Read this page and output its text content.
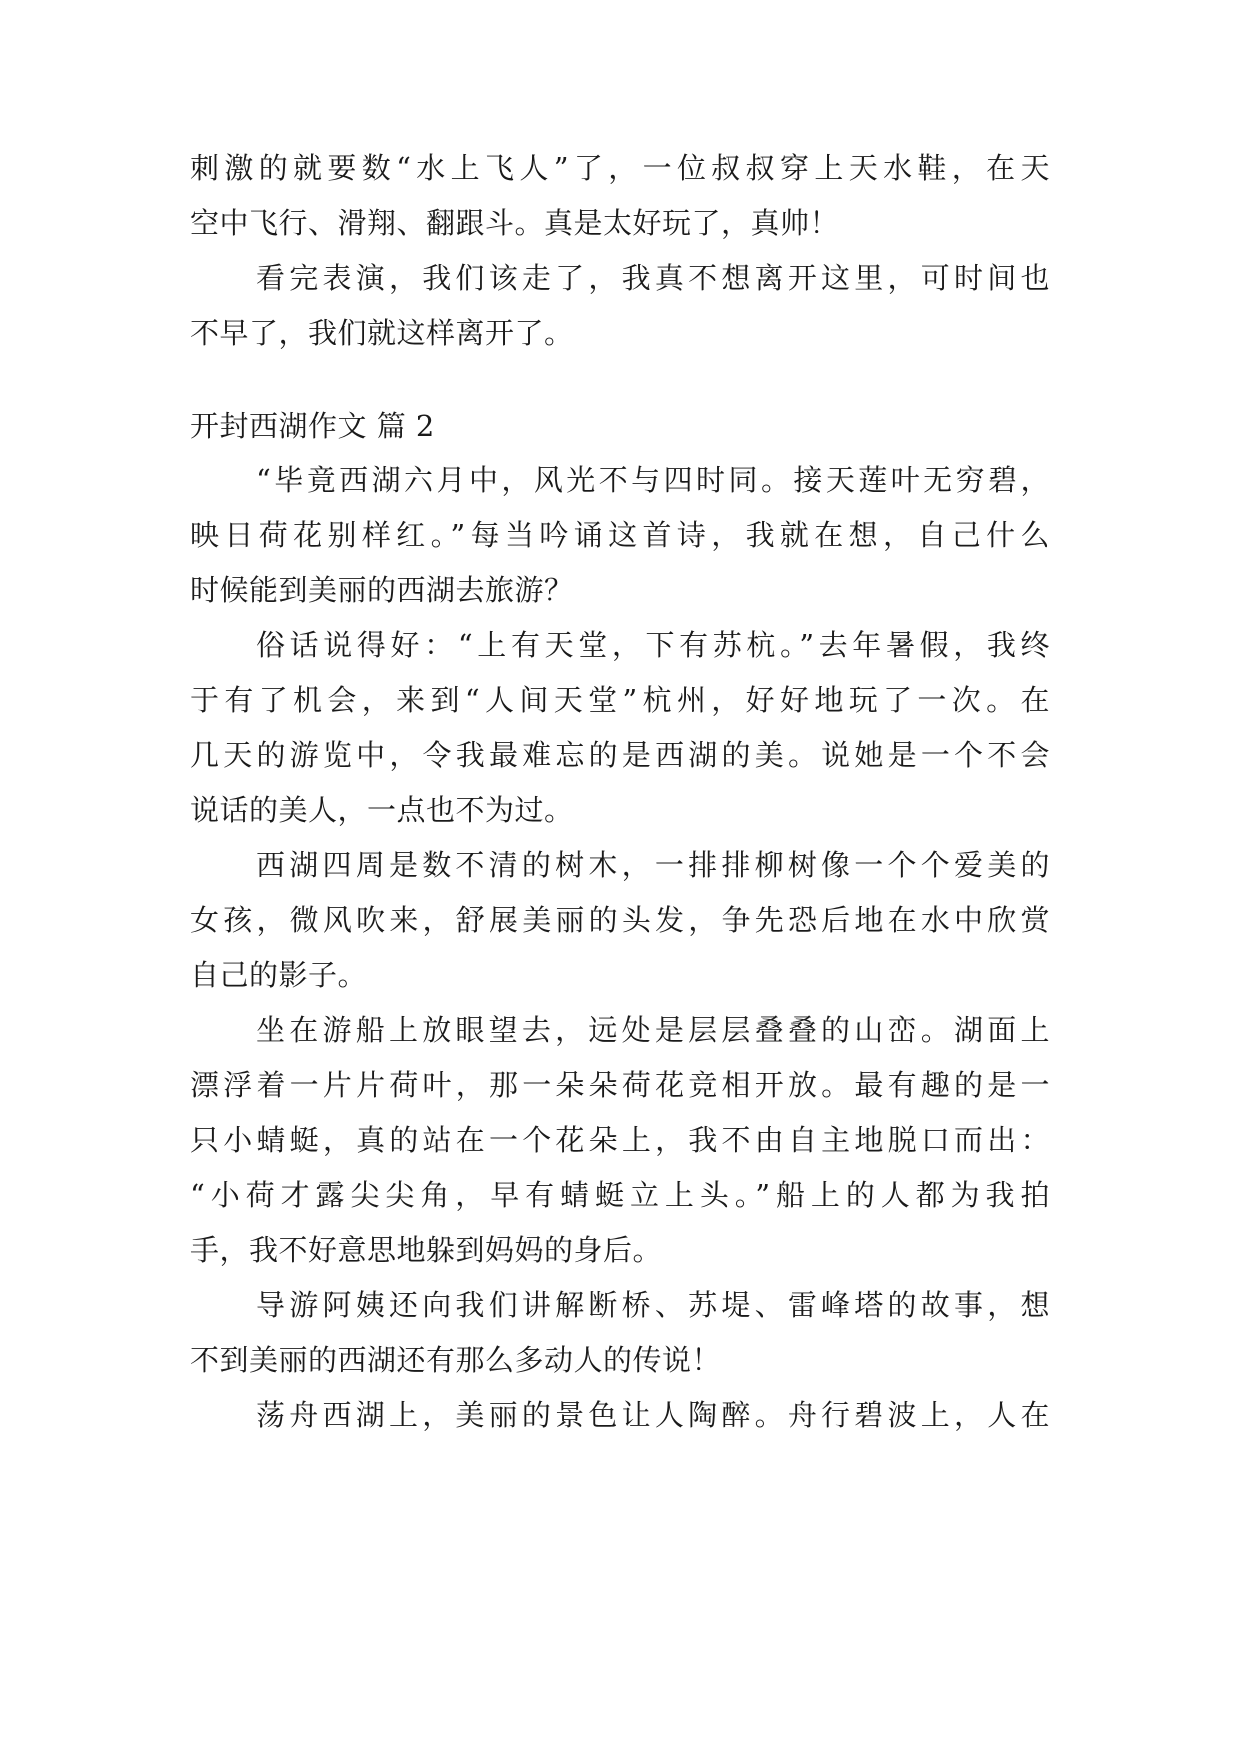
刺激的就要数“水上飞人”了，一位叔叔穿上天水鞋，在天
空中飞行、滑翔、翻跟斗。真是太好玩了，真帅！
看完表演，我们该走了，我真不想离开这里，可时间也
不早了，我们就这样离开了。
开封西湖作文 篇 2
“毕竟西湖六月中，风光不与四时同。接天莲叶无穷碧，
映日荷花别样红。”每当吟诵这首诗，我就在想，自己什么
时候能到美丽的西湖去旅游？
俗话说得好：“上有天堂，下有苏杭。”去年暑假，我终
于有了机会，来到“人间天堂”杭州，好好地玩了一次。在
几天的游览中，令我最难忘的是西湖的美。说她是一个不会
说话的美人，一点也不为过。
西湖四周是数不清的树木，一排排柳树像一个个爱美的
女孩，微风吹来，舒展美丽的头发，争先恐后地在水中欣赏
自己的影子。
坐在游船上放眼望去，远处是层层叠叠的山峦。湖面上
漂浮着一片片荷叶，那一朵朵荷花竞相开放。最有趣的是一
只小蜻蜓，真的站在一个花朵上，我不由自主地脱口而出：
“小荷才露尖尖角，早有蜻蜓立上头。”船上的人都为我拍
手，我不好意思地躲到妈妈的身后。
导游阿姨还向我们讲解断桥、苏堤、雷峰塔的故事，想
不到美丽的西湖还有那么多动人的传说！
荡舟西湖上，美丽的景色让人陶醉。舟行碧波上，人在
